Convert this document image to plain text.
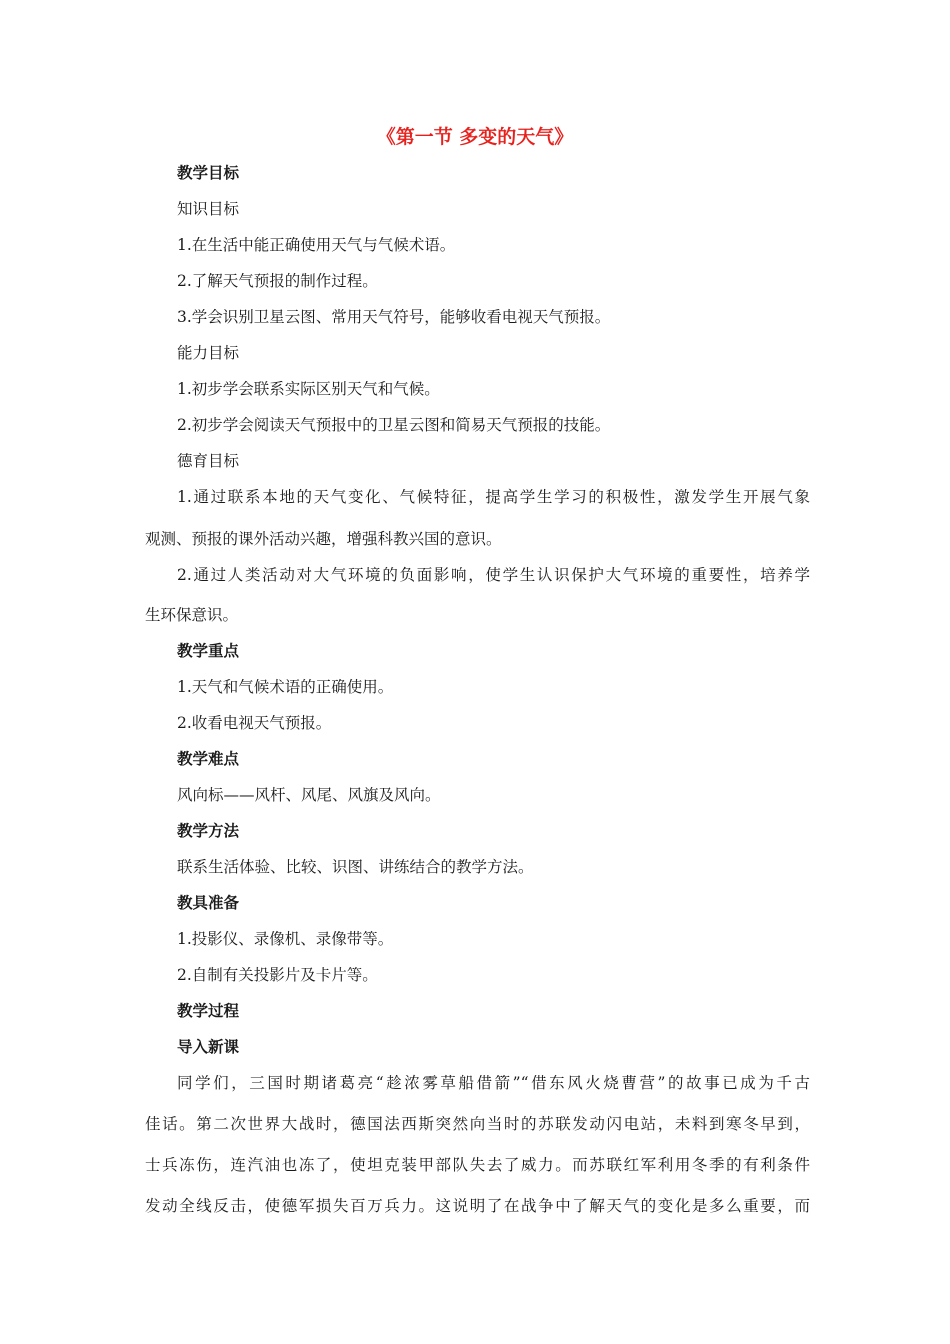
《第一节 多变的天气》
教学目标
知识目标
1.在生活中能正确使用天气与气候术语。
2.了解天气预报的制作过程。
3.学会识别卫星云图、常用天气符号，能够收看电视天气预报。
能力目标
1.初步学会联系实际区别天气和气候。
2.初步学会阅读天气预报中的卫星云图和简易天气预报的技能。
德育目标
1.通过联系本地的天气变化、气候特征，提高学生学习的积极性，激发学生开展气象
观测、预报的课外活动兴趣，增强科教兴国的意识。
2.通过人类活动对大气环境的负面影响，使学生认识保护大气环境的重要性，培养学
生环保意识。
教学重点
1.天气和气候术语的正确使用。
2.收看电视天气预报。
教学难点
风向标——风杆、风尾、风旗及风向。
教学方法
联系生活体验、比较、识图、讲练结合的教学方法。
教具准备
1.投影仪、录像机、录像带等。
2.自制有关投影片及卡片等。
教学过程
导入新课
同学们，三国时期诸葛亮“趁浓雾草船借箭”“借东风火烧曹营”的故事已成为千古
佳话。第二次世界大战时，德国法西斯突然向当时的苏联发动闪电站，未料到寒冬早到，
士兵冻伤，连汽油也冻了，使坦克装甲部队失去了威力。而苏联红军利用冬季的有利条件
发动全线反击，使德军损失百万兵力。这说明了在战争中了解天气的变化是多么重要，而
